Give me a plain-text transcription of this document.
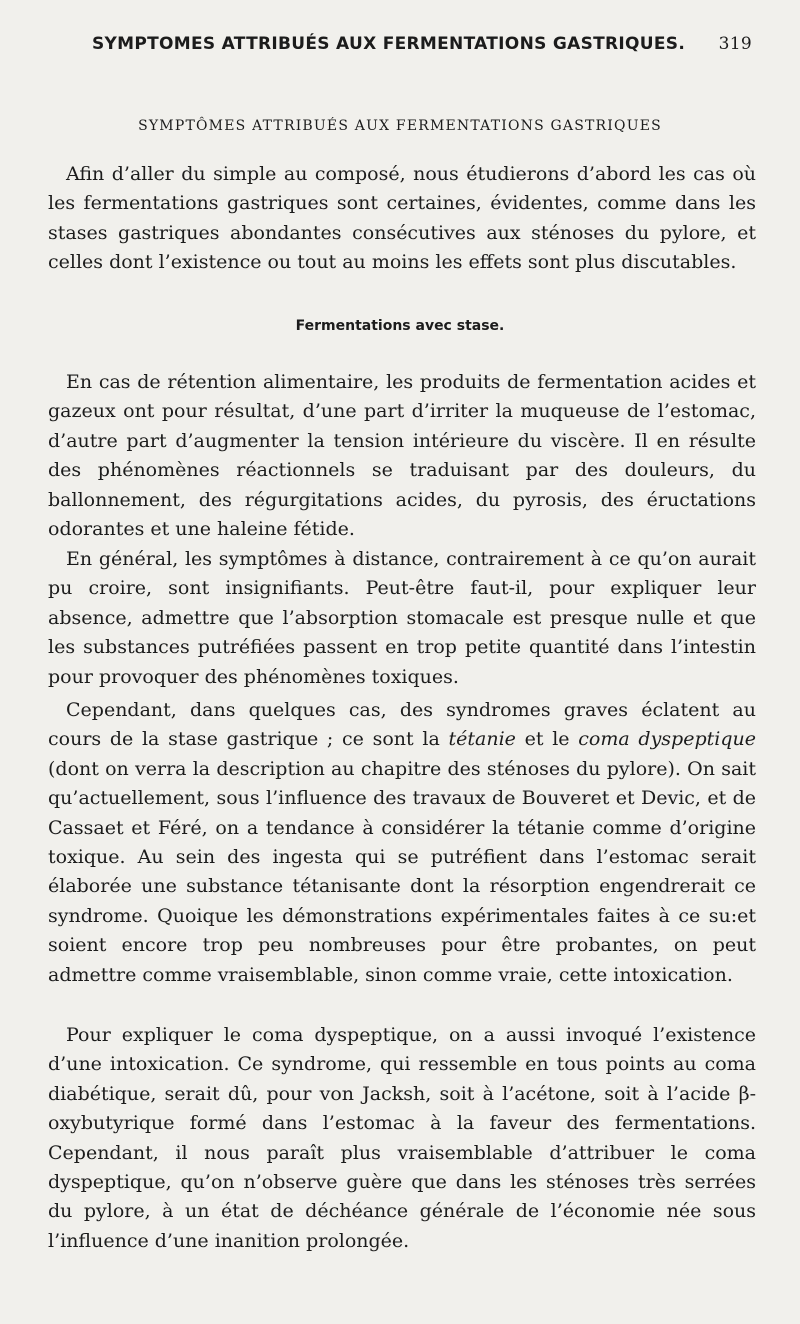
SYMPTOMES ATTRIBUÉS AUX FERMENTATIONS GASTRIQUES. 319
SYMPTÔMES ATTRIBUÉS AUX FERMENTATIONS GASTRIQUES

Afin d’aller du simple au composé, nous étudierons d’abord les cas où les fermentations gastriques sont certaines, évidentes, comme dans les stases gastriques abondantes consécutives aux sténoses du pylore, et celles dont l’existence ou tout au moins les effets sont plus discutables.

Fermentations avec stase.

En cas de rétention alimentaire, les produits de fermentation acides et gazeux ont pour résultat, d’une part d’irriter la muqueuse de l’estomac, d’autre part d’augmenter la tension intérieure du viscère. Il en résulte des phénomènes réactionnels se traduisant par des douleurs, du ballonnement, des régurgitations acides, du pyrosis, des éructations odorantes et une haleine fétide.

En général, les symptômes à distance, contrairement à ce qu’on aurait pu croire, sont insignifiants. Peut-être faut-il, pour expliquer leur absence, admettre que l’absorption stomacale est presque nulle et que les substances putréfiées passent en trop petite quantité dans l’intestin pour provoquer des phénomènes toxiques.

Cependant, dans quelques cas, des syndromes graves éclatent au cours de la stase gastrique ; ce sont la tétanie et le coma dyspeptique (dont on verra la description au chapitre des sténoses du pylore). On sait qu’actuellement, sous l’influence des travaux de Bouveret et Devic, et de Cassaet et Féré, on a tendance à considérer la tétanie comme d’origine toxique. Au sein des ingesta qui se putréfient dans l’estomac serait élaborée une substance tétanisante dont la résorption engendrerait ce syndrome. Quoique les démonstrations expérimentales faites à ce su:et soient encore trop peu nombreuses pour être probantes, on peut admettre comme vraisemblable, sinon comme vraie, cette intoxication.

Pour expliquer le coma dyspeptique, on a aussi invoqué l’existence d’une intoxication. Ce syndrome, qui ressemble en tous points au coma diabétique, serait dû, pour von Jacksh, soit à l’acétone, soit à l’acide β-oxybutyrique formé dans l’estomac à la faveur des fermentations. Cependant, il nous paraît plus vraisemblable d’attribuer le coma dyspeptique, qu’on n’observe guère que dans les sténoses très serrées du pylore, à un état de déchéance générale de l’économie née sous l’influence d’une inanition prolongée.
